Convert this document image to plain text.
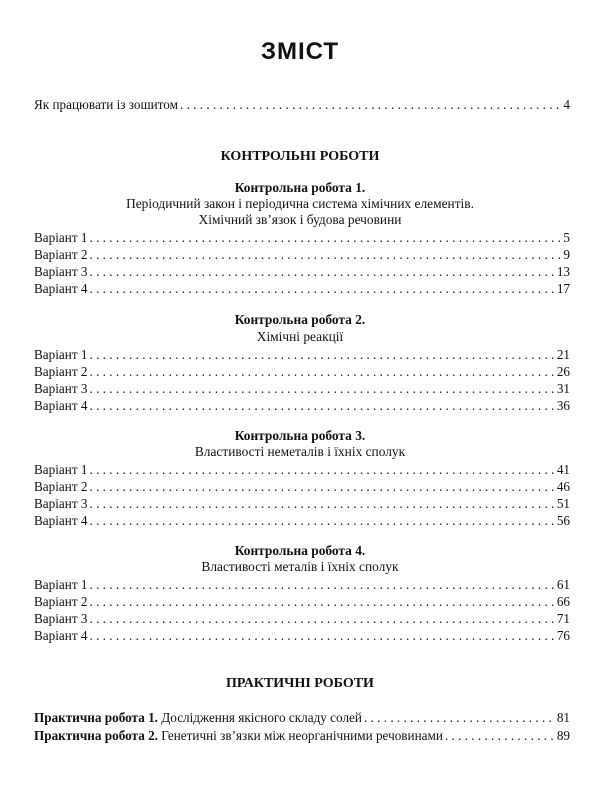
ЗМІСТ
Як працювати із зошитом . . .	4
КОНТРОЛЬНІ РОБОТИ
Контрольна робота 1.
Періодичний закон і періодична система хімічних елементів.
Хімічний зв’язок і будова речовини
Варіант 1 . . .	5
Варіант 2 . . .	9
Варіант 3 . . .	13
Варіант 4 . . .	17
Контрольна робота 2.
Хімічні реакції
Варіант 1 . . .	21
Варіант 2 . . .	26
Варіант 3 . . .	31
Варіант 4 . . .	36
Контрольна робота 3.
Властивості неметалів і їхніх сполук
Варіант 1 . . .	41
Варіант 2 . . .	46
Варіант 3 . . .	51
Варіант 4 . . .	56
Контрольна робота 4.
Властивості металів і їхніх сполук
Варіант 1 . . .	61
Варіант 2 . . .	66
Варіант 3 . . .	71
Варіант 4 . . .	76
ПРАКТИЧНІ РОБОТИ
Практична робота 1. Дослідження якісного складу солей . . .	81
Практична робота 2. Генетичні зв’язки між неорганічними речовинами . . .	89
